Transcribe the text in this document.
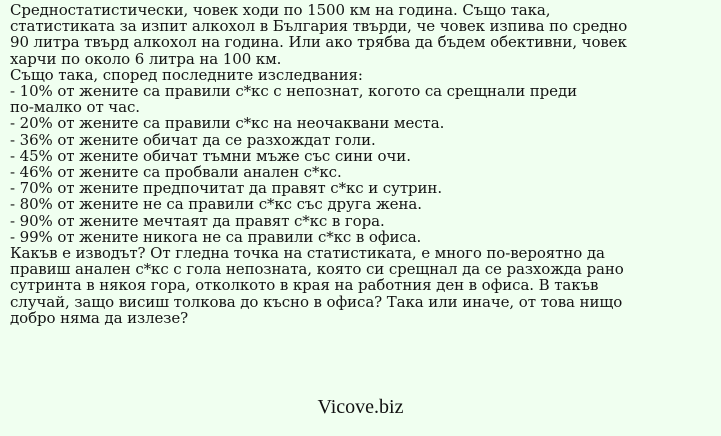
Средностатистически, човек ходи по 1500 км на година. Също така,
статистиката за изпит алкохол в България твърди, че човек изпива по средно
90 литра твърд алкохол на година. Или ако трябва да бъдем обективни, човек
харчи по около 6 литра на 100 км.
Също така, според последните изследвания:
- 10% от жените са правили с*кс с непознат, когото са срещнали преди
по-малко от час.
- 20% от жените са правили с*кс на неочаквани места.
- 36% от жените обичат да се разхождат голи.
- 45% от жените обичат тъмни мъже със сини очи.
- 46% от жените са пробвали анален с*кс.
- 70% от жените предпочитат да правят с*кс и сутрин.
- 80% от жените не са правили с*кс със друга жена.
- 90% от жените мечтаят да правят с*кс в гора.
- 99% от жените никога не са правили с*кс в офиса.
Какъв е изводът? От гледна точка на статистиката, е много по-вероятно да
правиш анален с*кс с гола непозната, която си срещнал да се разхожда рано
сутринта в някоя гора, отколкото в края на работния ден в офиса. В такъв
случай, защо висиш толкова до късно в офиса? Така или иначе, от това нищо
добро няма да излезе?
Vicove.biz
